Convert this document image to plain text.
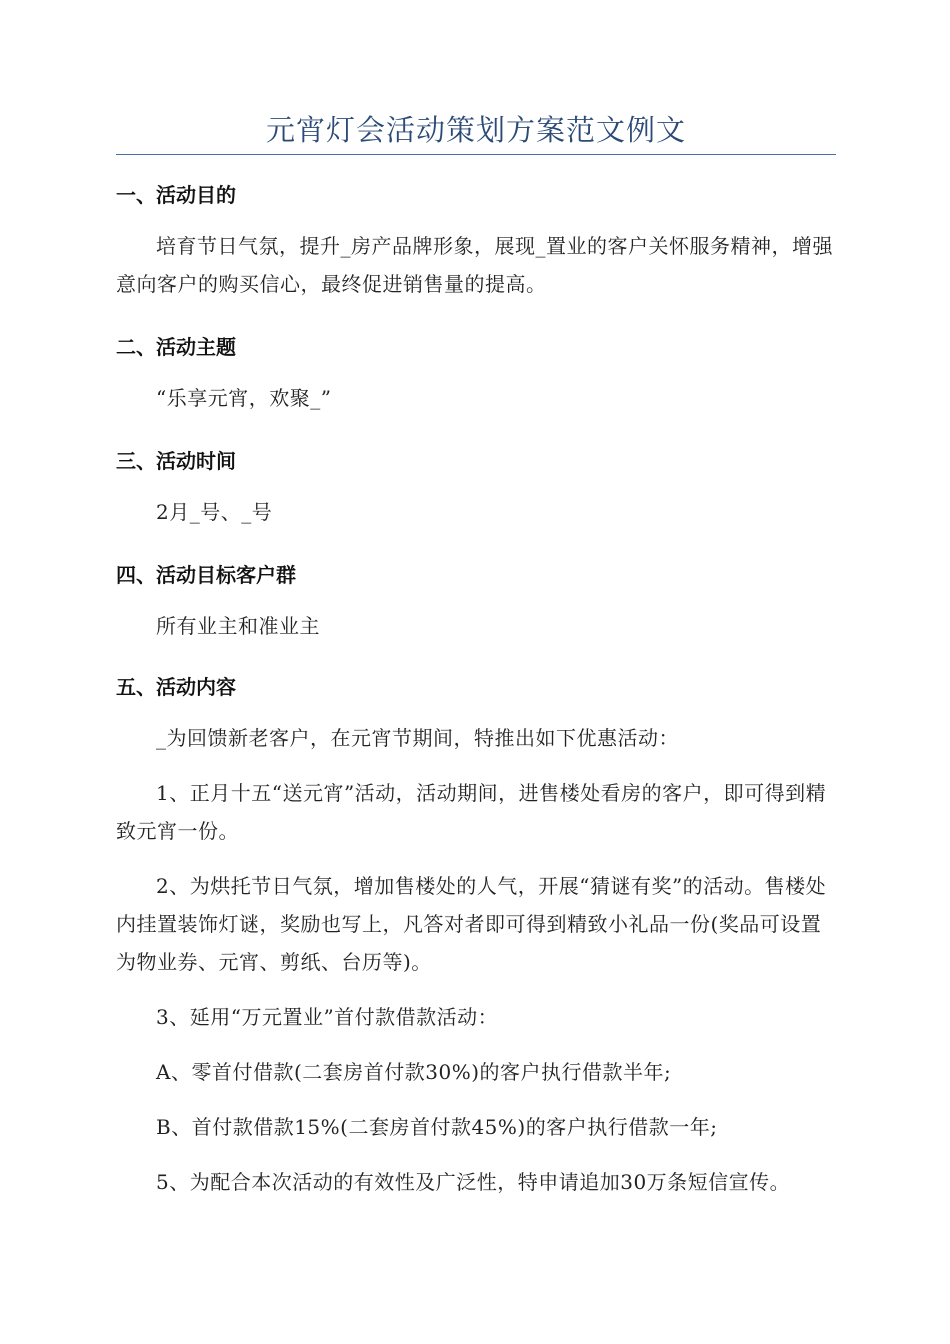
元宵灯会活动策划方案范文例文
一、活动目的

培育节日气氛，提升_房产品牌形象，展现_置业的客户关怀服务精神，增强意向客户的购买信心，最终促进销售量的提高。

二、活动主题

“乐享元宵，欢聚_”

三、活动时间

2月_号、_号

四、活动目标客户群

所有业主和准业主

五、活动内容

_为回馈新老客户，在元宵节期间，特推出如下优惠活动：

1、正月十五“送元宵”活动，活动期间，进售楼处看房的客户，即可得到精致元宵一份。

2、为烘托节日气氛，增加售楼处的人气，开展“猜谜有奖”的活动。售楼处内挂置装饰灯谜，奖励也写上，凡答对者即可得到精致小礼品一份(奖品可设置为物业券、元宵、剪纸、台历等)。

3、延用“万元置业”首付款借款活动：

A、零首付借款(二套房首付款30%)的客户执行借款半年;

B、首付款借款15%(二套房首付款45%)的客户执行借款一年;

5、为配合本次活动的有效性及广泛性，特申请追加30万条短信宣传。
